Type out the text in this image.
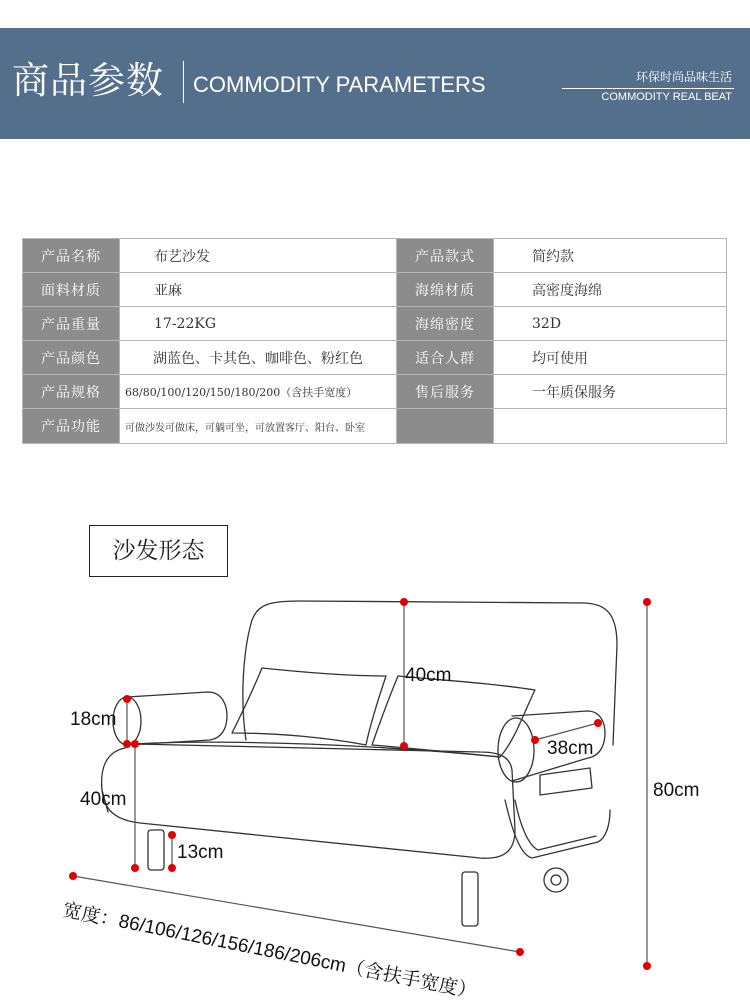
商品参数 COMMODITY PARAMETERS	环保时尚品味生活
COMMODITY REAL BEAT
产品名称	布艺沙发	产品款式	简约款
面料材质	亚麻	海绵材质	高密度海绵
产品重量	17-22KG	海绵密度	32D
产品颜色	湖蓝色、卡其色、咖啡色、粉红色	适合人群	均可使用
产品规格	68/80/100/120/150/180/200（含扶手宽度）	售后服务	一年质保服务
产品功能	可做沙发可做床，可躺可坐，可放置客厅、阳台、卧室		
沙发形态
40cm
18cm
38cm
40cm
13cm
80cm
宽度：86/106/126/156/186/206cm（含扶手宽度）
